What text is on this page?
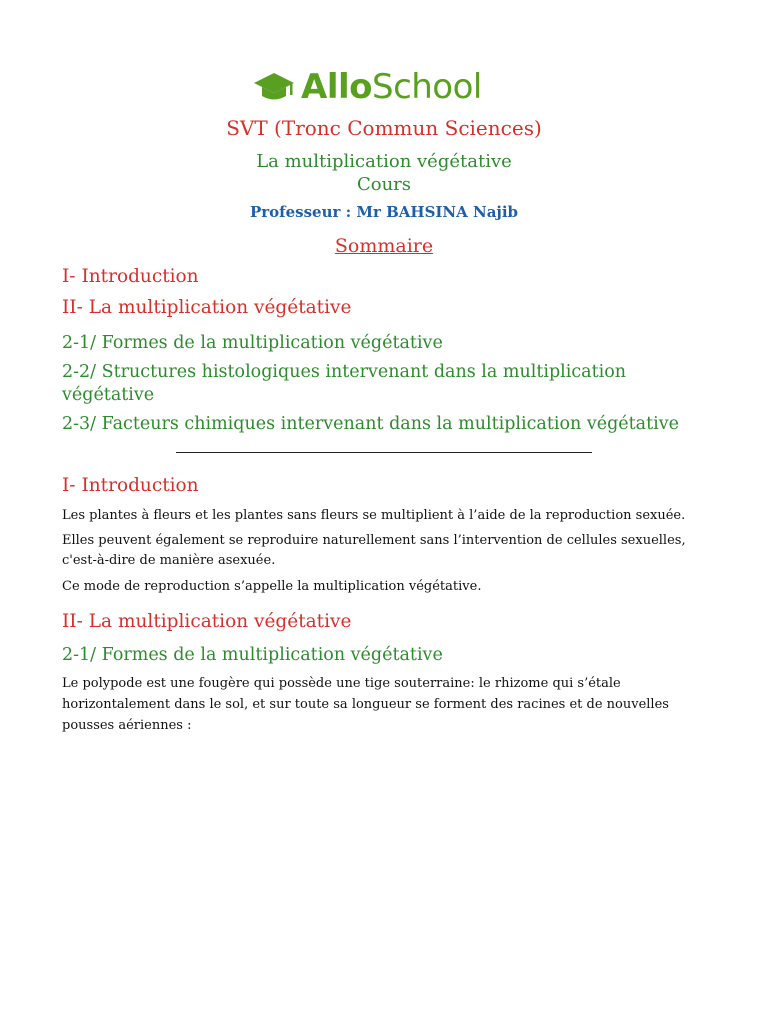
AlloSchool
SVT (Tronc Commun Sciences)
La multiplication végétative
Cours
Professeur : Mr BAHSINA Najib
Sommaire
I- Introduction
II- La multiplication végétative
2-1/ Formes de la multiplication végétative
2-2/ Structures histologiques intervenant dans la multiplication
végétative
2-3/ Facteurs chimiques intervenant dans la multiplication végétative
I- Introduction
Les plantes à fleurs et les plantes sans fleurs se multiplient à l’aide de la reproduction sexuée.
Elles peuvent également se reproduire naturellement sans l’intervention de cellules sexuelles,
c'est-à-dire de manière asexuée.
Ce mode de reproduction s’appelle la multiplication végétative.
II- La multiplication végétative
2-1/ Formes de la multiplication végétative
Le polypode est une fougère qui possède une tige souterraine: le rhizome qui s’étale
horizontalement dans le sol, et sur toute sa longueur se forment des racines et de nouvelles
pousses aériennes :
